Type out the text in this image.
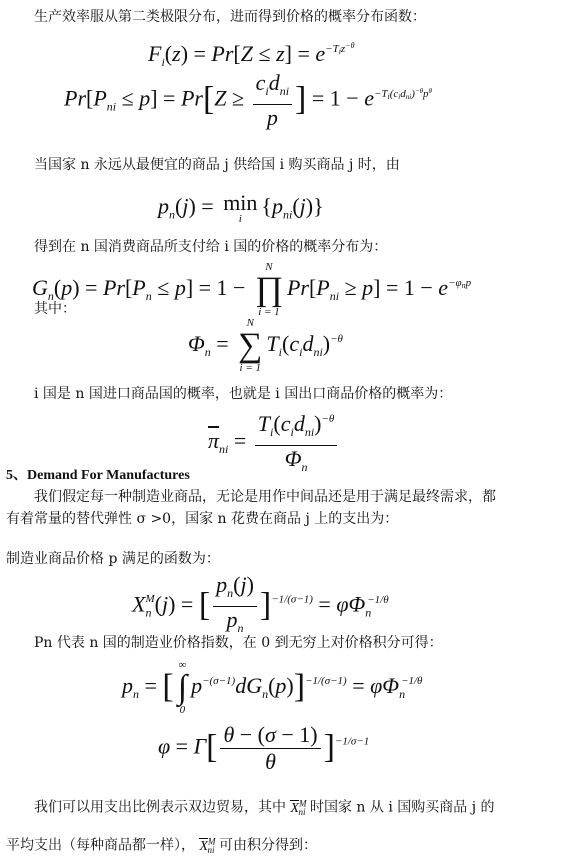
生产效率服从第二类极限分布，进而得到价格的概率分布函数：
$F_i(z) = Pr[Z \le z] = e^{-T_iz^{-\theta}}$
$Pr[P_{ni} \le p] = Pr[Z \ge \frac{c_id_{ni}}{p}$ ] = $1 - e^{-T_i(c_id_{ni})^{-\theta}p^\theta}$
当国家 n 永远从最便宜的商品 j 供给国 i 购买商品 j 时，由
$p_n(j) = \min$
i
$\{p_{ni}(j)\}$
得到在 n 国消费商品所支付给 i 国的价格的概率分布为：
$G_n(p) = Pr[P_n \le p] = 1$ −
N
∏
i = 1
$Pr[P_{ni} \ge p] = 1 - e^{-\varphi_np}$
其中：
$\Phi_n$ =
N
∑
i = 1
$T_i(c_id_{ni})^{-\theta}$
i 国是 n 国进口商品国的概率，也就是 i 国出口商品价格的概率为：
$\overline{\pi}_{ni} = \frac{T_i(c_id_{ni})^{-\theta}}{\Phi_n}$
5、Demand For Manufactures
我们假定每一种制造业商品，无论是用作中间品还是用于满足最终需求，都
有着常量的替代弹性 σ >0，国家 n 花费在商品 j 上的支出为：
制造业商品价格 p 满足的函数为：
$X_n^M(j)$ = [ $\frac{p_n(j)}{p_n} ]^{-1/(\sigma-1)} = \varphi\Phi_n^{-1/\theta}$
Pn 代表 n 国的制造业价格指数，在 0 到无穷上对价格积分可得：
$p_n$ = [
∞
∫
0
$p^{-(\sigma-1)}dG_n(p)]^{-1/(\sigma-1)} = \varphi\Phi_n^{-1/\theta}$
$\varphi = \Gamma[ \frac{\theta - (\sigma - 1)}{\theta} ]^{-1/\sigma-1}$
我们可以用支出比例表示双边贸易，其中 $X^M_{ni}$ 时国家 n 从 i 国购买商品 j 的
平均支出（每种商品都一样）， $X^M_{ni}$ 可由积分得到：
